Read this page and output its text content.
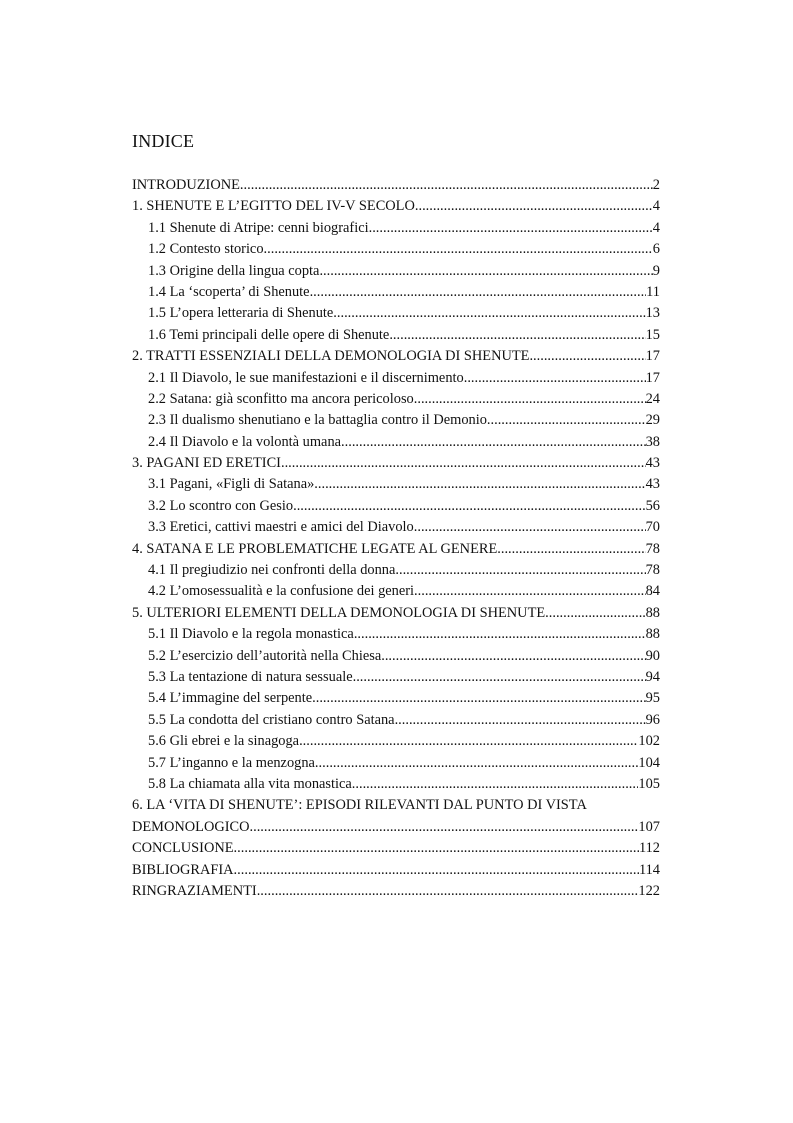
INDICE
INTRODUZIONE .....	2
1. SHENUTE E L’EGITTO DEL IV-V SECOLO .....	4
1.1 Shenute di Atripe: cenni biografici .....	4
1.2 Contesto storico .....	6
1.3 Origine della lingua copta .....	9
1.4 La ‘scoperta’ di Shenute .....	11
1.5 L’opera letteraria di Shenute .....	13
1.6 Temi principali delle opere di Shenute .....	15
2. TRATTI ESSENZIALI DELLA DEMONOLOGIA DI SHENUTE .....	17
2.1 Il Diavolo, le sue manifestazioni e il discernimento .....	17
2.2 Satana: già sconfitto ma ancora pericoloso .....	24
2.3 Il dualismo shenutiano e la battaglia contro il Demonio .....	29
2.4 Il Diavolo e la volontà umana .....	38
3. PAGANI ED ERETICI .....	43
3.1 Pagani, «Figli di Satana» .....	43
3.2 Lo scontro con Gesio .....	56
3.3 Eretici, cattivi maestri e amici del Diavolo .....	70
4. SATANA E LE PROBLEMATICHE LEGATE AL GENERE .....	78
4.1 Il pregiudizio nei confronti della donna .....	78
4.2 L’omosessualità e la confusione dei generi .....	84
5. ULTERIORI ELEMENTI DELLA DEMONOLOGIA DI SHENUTE .....	88
5.1 Il Diavolo e la regola monastica .....	88
5.2 L’esercizio dell’autorità nella Chiesa .....	90
5.3 La tentazione di natura sessuale .....	94
5.4 L’immagine del serpente .....	95
5.5 La condotta del cristiano contro Satana .....	96
5.6 Gli ebrei e la sinagoga .....	102
5.7 L’inganno e la menzogna .....	104
5.8 La chiamata alla vita monastica .....	105
6. LA ‘VITA DI SHENUTE’: EPISODI RILEVANTI DAL PUNTO DI VISTA
DEMONOLOGICO .....	107
CONCLUSIONE .....	112
BIBLIOGRAFIA .....	114
RINGRAZIAMENTI .....	122
